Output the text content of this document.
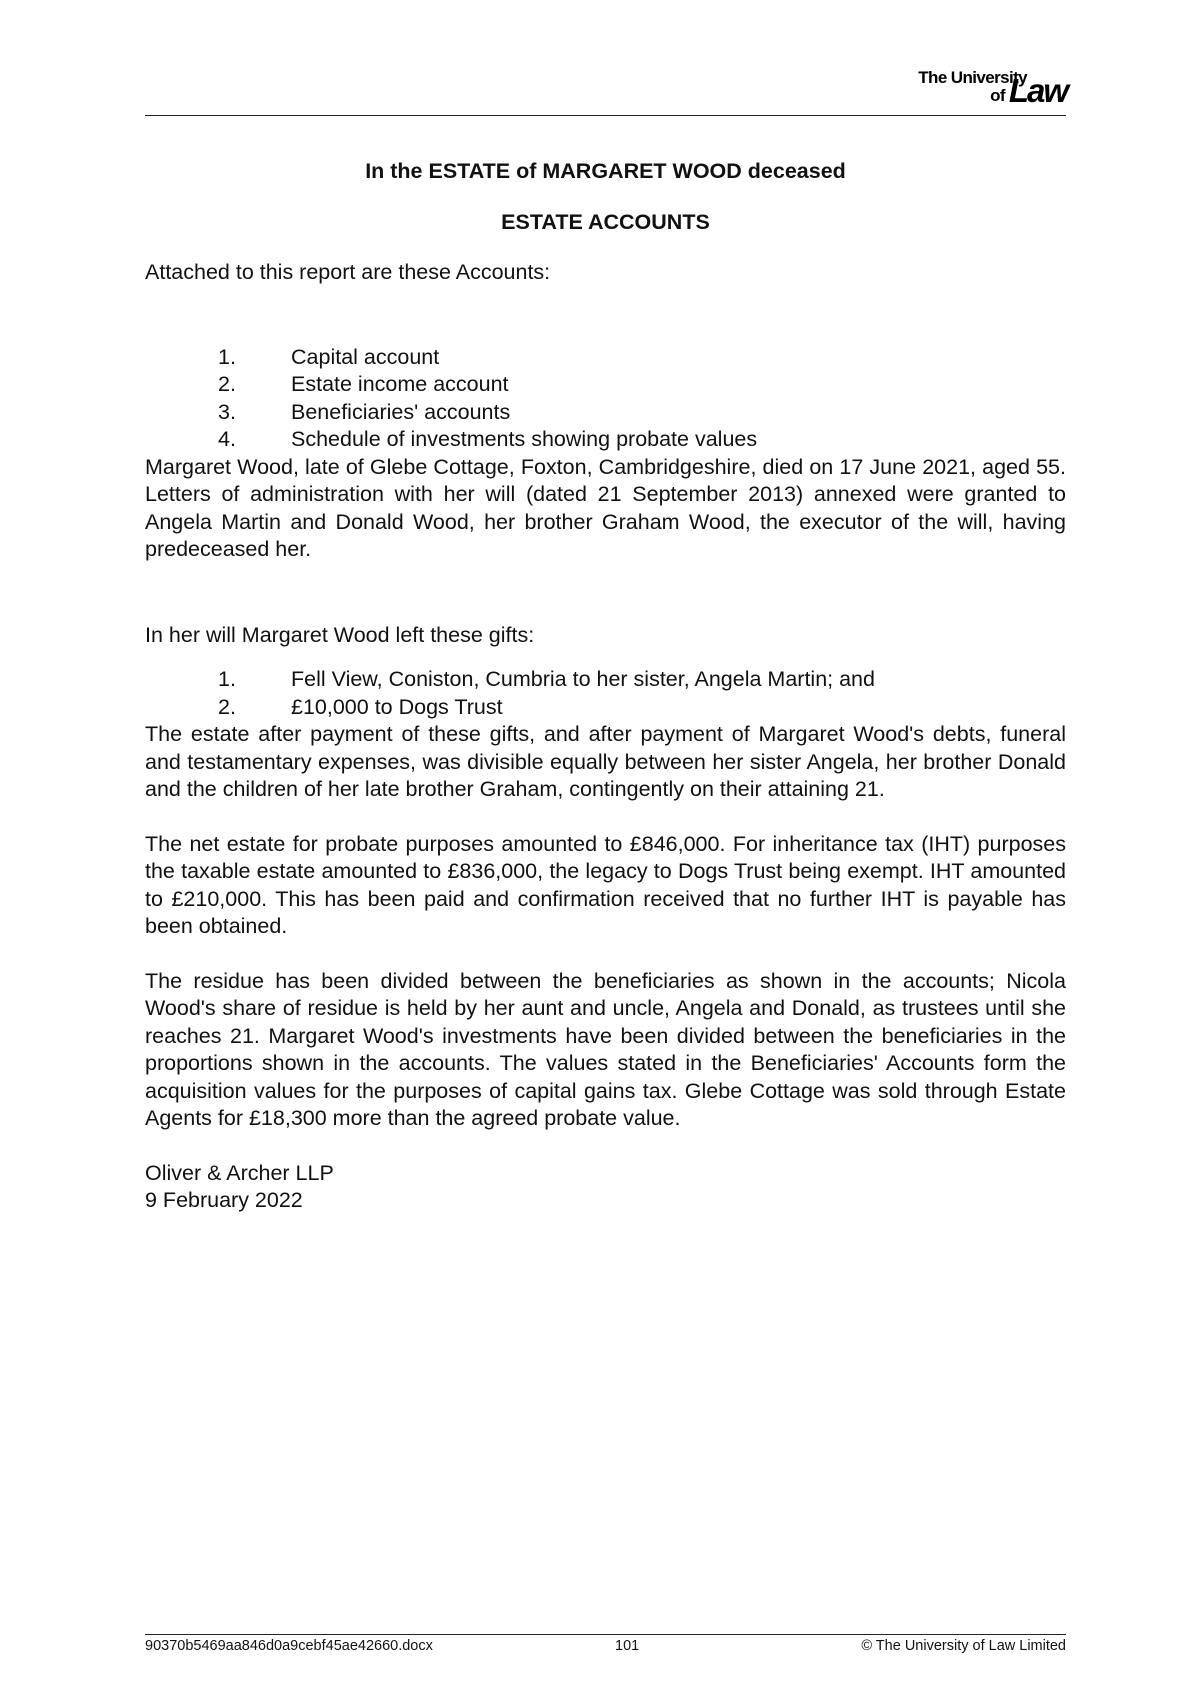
The University
of Law

In the ESTATE of MARGARET WOOD deceased

ESTATE ACCOUNTS

Attached to this report are these Accounts:

1.	Capital account
2.	Estate income account
3.	Beneficiaries' accounts
4.	Schedule of investments showing probate values

Margaret Wood, late of Glebe Cottage, Foxton, Cambridgeshire, died on 17 June 2021, aged 55. Letters of administration with her will (dated 21 September 2013) annexed were granted to Angela Martin and Donald Wood, her brother Graham Wood, the executor of the will, having predeceased her.

In her will Margaret Wood left these gifts:

1.	Fell View, Coniston, Cumbria to her sister, Angela Martin; and
2.	£10,000 to Dogs Trust

The estate after payment of these gifts, and after payment of Margaret Wood's debts, funeral and testamentary expenses, was divisible equally between her sister Angela, her brother Donald and the children of her late brother Graham, contingently on their attaining 21.

The net estate for probate purposes amounted to £846,000. For inheritance tax (IHT) purposes the taxable estate amounted to £836,000, the legacy to Dogs Trust being exempt. IHT amounted to £210,000. This has been paid and confirmation received that no further IHT is payable has been obtained.

The residue has been divided between the beneficiaries as shown in the accounts; Nicola Wood's share of residue is held by her aunt and uncle, Angela and Donald, as trustees until she reaches 21. Margaret Wood's investments have been divided between the beneficiaries in the proportions shown in the accounts. The values stated in the Beneficiaries' Accounts form the acquisition values for the purposes of capital gains tax. Glebe Cottage was sold through Estate Agents for £18,300 more than the agreed probate value.

Oliver & Archer LLP

9 February 2022

90370b5469aa846d0a9cebf45ae42660.docx	101	© The University of Law Limited
